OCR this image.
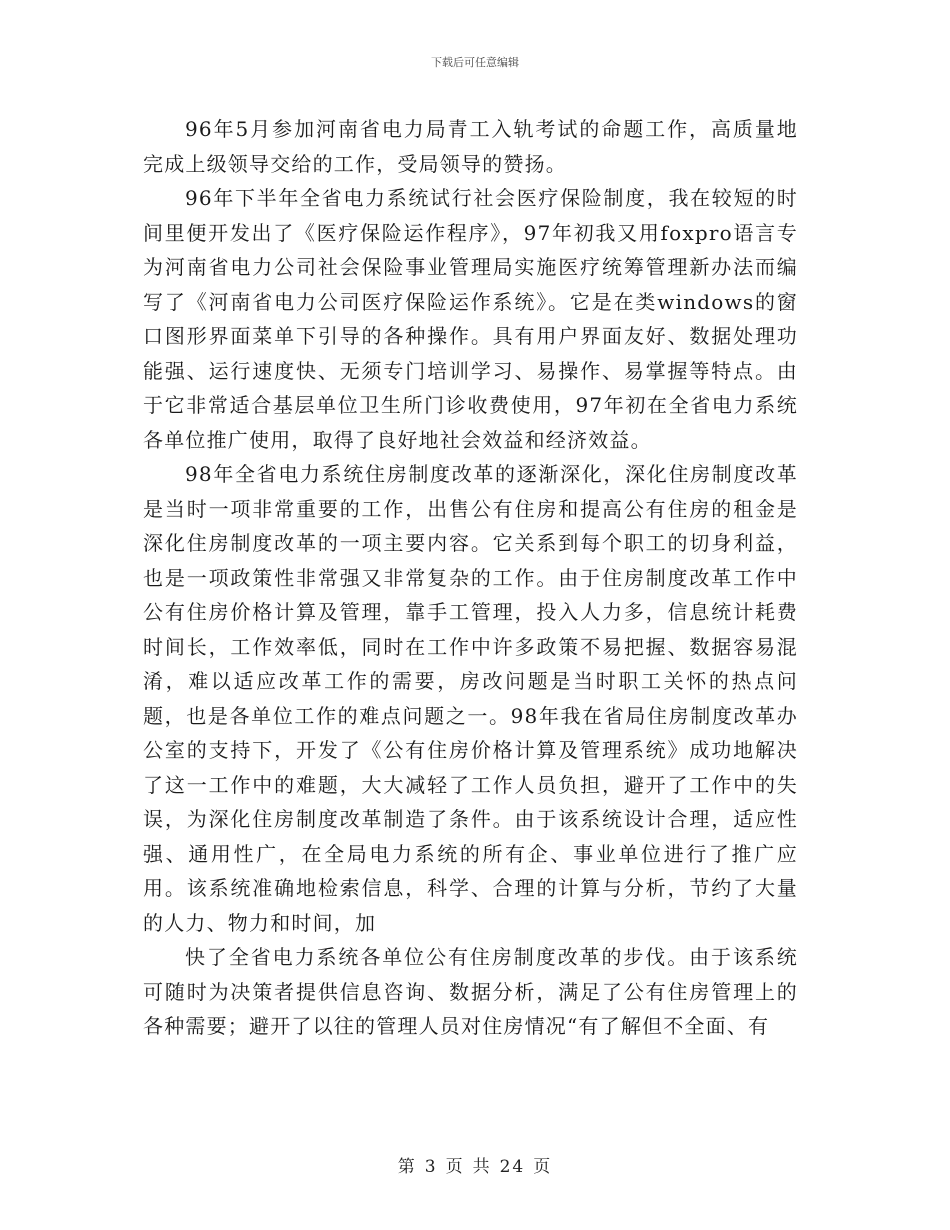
下载后可任意编辑

96年5月参加河南省电力局青工入轨考试的命题工作，高质量地完成上级领导交给的工作，受局领导的赞扬。

96年下半年全省电力系统试行社会医疗保险制度，我在较短的时间里便开发出了《医疗保险运作程序》，97年初我又用foxpro语言专为河南省电力公司社会保险事业管理局实施医疗统筹管理新办法而编写了《河南省电力公司医疗保险运作系统》。它是在类windows的窗口图形界面菜单下引导的各种操作。具有用户界面友好、数据处理功能强、运行速度快、无须专门培训学习、易操作、易掌握等特点。由于它非常适合基层单位卫生所门诊收费使用，97年初在全省电力系统各单位推广使用，取得了良好地社会效益和经济效益。

98年全省电力系统住房制度改革的逐渐深化，深化住房制度改革是当时一项非常重要的工作，出售公有住房和提高公有住房的租金是深化住房制度改革的一项主要内容。它关系到每个职工的切身利益，也是一项政策性非常强又非常复杂的工作。由于住房制度改革工作中公有住房价格计算及管理，靠手工管理，投入人力多，信息统计耗费时间长，工作效率低，同时在工作中许多政策不易把握、数据容易混淆，难以适应改革工作的需要，房改问题是当时职工关怀的热点问题，也是各单位工作的难点问题之一。98年我在省局住房制度改革办公室的支持下，开发了《公有住房价格计算及管理系统》成功地解决了这一工作中的难题，大大减轻了工作人员负担，避开了工作中的失误，为深化住房制度改革制造了条件。由于该系统设计合理，适应性强、通用性广，在全局电力系统的所有企、事业单位进行了推广应用。该系统准确地检索信息，科学、合理的计算与分析，节约了大量的人力、物力和时间，加

快了全省电力系统各单位公有住房制度改革的步伐。由于该系统可随时为决策者提供信息咨询、数据分析，满足了公有住房管理上的各种需要；避开了以往的管理人员对住房情况“有了解但不全面、有

第 3 页 共 24 页
